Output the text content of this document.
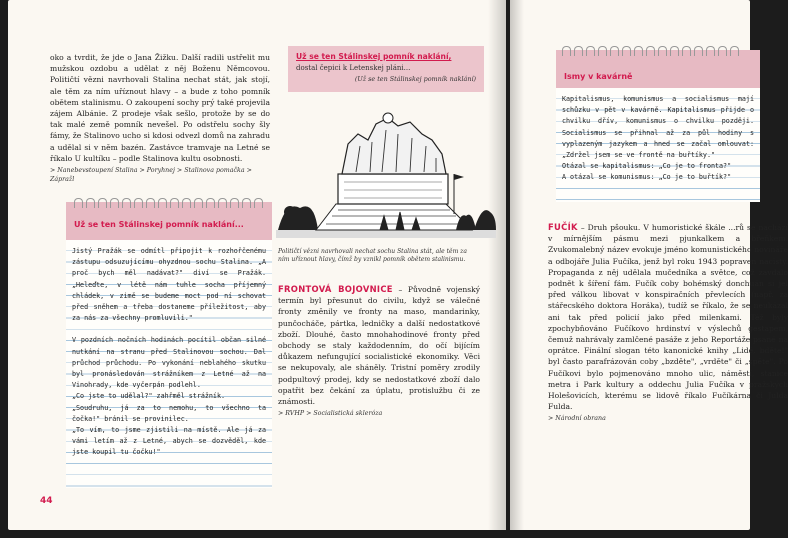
oko a tvrdit, že jde o Jana Žižku. Další radili ustřelit mu mužskou ozdobu a udělat z něj Boženu Němcovou. Političtí vězni navrhovali Stalina nechat stát, jak stojí, ale těm za ním uříznout hlavy – a bude z toho pomník obětem stalinismu. O zakoupení sochy prý také projevila zájem Albánie. Z prodeje však sešlo, protože by se do tak malé země pomník nevešel. Po odstřelu sochy šly fámy, že Stalinovo ucho si kdosi odvezl domů na zahradu a udělal si v něm bazén. Zastávce tramvaje na Letné se říkalo U kultíku – podle Stalinova kultu osobnosti.

> Nanebevstoupení Stalina > Poryhnej > Stalinova pomačka > Zápražl

Už se ten Stálinskej pomník naklání...

Jistý Pražák se odmítl připojit k rozhořčenému zástupu odsuzujícímu ohyzdnou sochu Stalina. „A proč bych měl nadávat?" diví se Pražák. „Heleďte, v létě nám tuhle socha příjemný chládek, v zimě se budeme moct pod ní schovat před sněhem a třeba dostaneme příležitost, aby za nás za všechny promluvili."

V pozdních nočních hodinách pocítil občan silné nutkání na stranu před Stalinovou sochou. Dal průchod průchodu. Po vykonání neblahého skutku byl pronásledován strážníkem z Letné až na Vinohrady, kde vyčerpán podlehl.

„Co jste to udělal?" zahřměl strážník.

„Soudruhu, já za to nemohu, to všechno ta čočka!" bránil se provinilec.

„To vím, to jsme zjistili na místě. Ale já za vámi letím až z Letné, abych se dozvěděl, kde jste koupil tu čočku!"

44
Už se ten Stálinskej pomník naklání,
dostal čepici k Letenskej pláni...
(Už se ten Stálinskej pomník naklání)

Političtí vězni navrhovali nechat sochu Stalina stát, ale těm za ním uříznout hlavy, čímž by vznikl pomník obětem stalinismu.

FRONTOVÁ BOJOVNICE – Původně vojenský termín byl přesunut do civilu, když se válečné fronty změnily ve fronty na maso, mandarinky, punčocháče, pártka, ledničky a další nedostatkové zboží. Dlouhé, často mnohahodinové fronty před obchody se staly každodenním, do očí bijícím důkazem nefungující socialistické ekonomiky. Věci se nekupovaly, ale sháněly. Tristní poměry zrodily podpultový prodej, kdy se nedostatkové zboží dalo opatřit bez čekání za úplatu, protislužbu či ze známosti.

> RVHP > Socialistická sklerózа

Ismy v kavárně

Kapitalismus, komunismus a socialismus mají schůzku v pět v kavárně. Kapitalismus přijde o chvilku dřív, komunismus o chvilku později. Socialismus se přihnal až za půl hodiny s vyplazeným jazykem a hned se začal omlouvat: „Zdržel jsem se ve frontě na buřtíky."

Otázal se kapitalismus: „Co je to fronta?"

A otázal se komunismus: „Co je to buřtík?"

FUČÍK – Druh pšouku. V humoristické škále ...rů se nachází v mírnějším pásmu mezi pjunkalkem a břeňkem. Zvukomalebný název evokuje jméno komunistického novináře a odbojáře Julia Fučíka, jenž byl roku 1943 popraven nacisty. Propaganda z něj udělala mučedníka a světce, což zavdalo podnět k šíření fám. Fučík coby bohémský donchuán si jel před válkou libovat v konspiračních převlecích (např. za stářecského doktora Horáka), tudíž se říkalo, že se neukázal ani tak před policií jako před milenkami. Též byly zpochybňováno Fučíkovo hrdinství v výslechů gestapem, čemuž nahrávaly zamlčené pasáže z jeho Reportáže psané na oprátce. Finální slogan této kanonické knihy „Lidé, bděte!" byl často parafrázován coby „bzděte", „vrděte" či „spěte". Po Fučíkovi bylo pojmenováno mnoho ulic, náměstí, stanice metra i Park kultury a oddechu Julia Fučíka v pražských Holešovicích, kterému se lidově říkalo Fučíkárna či Julda Fulda.

> Národní obrana
